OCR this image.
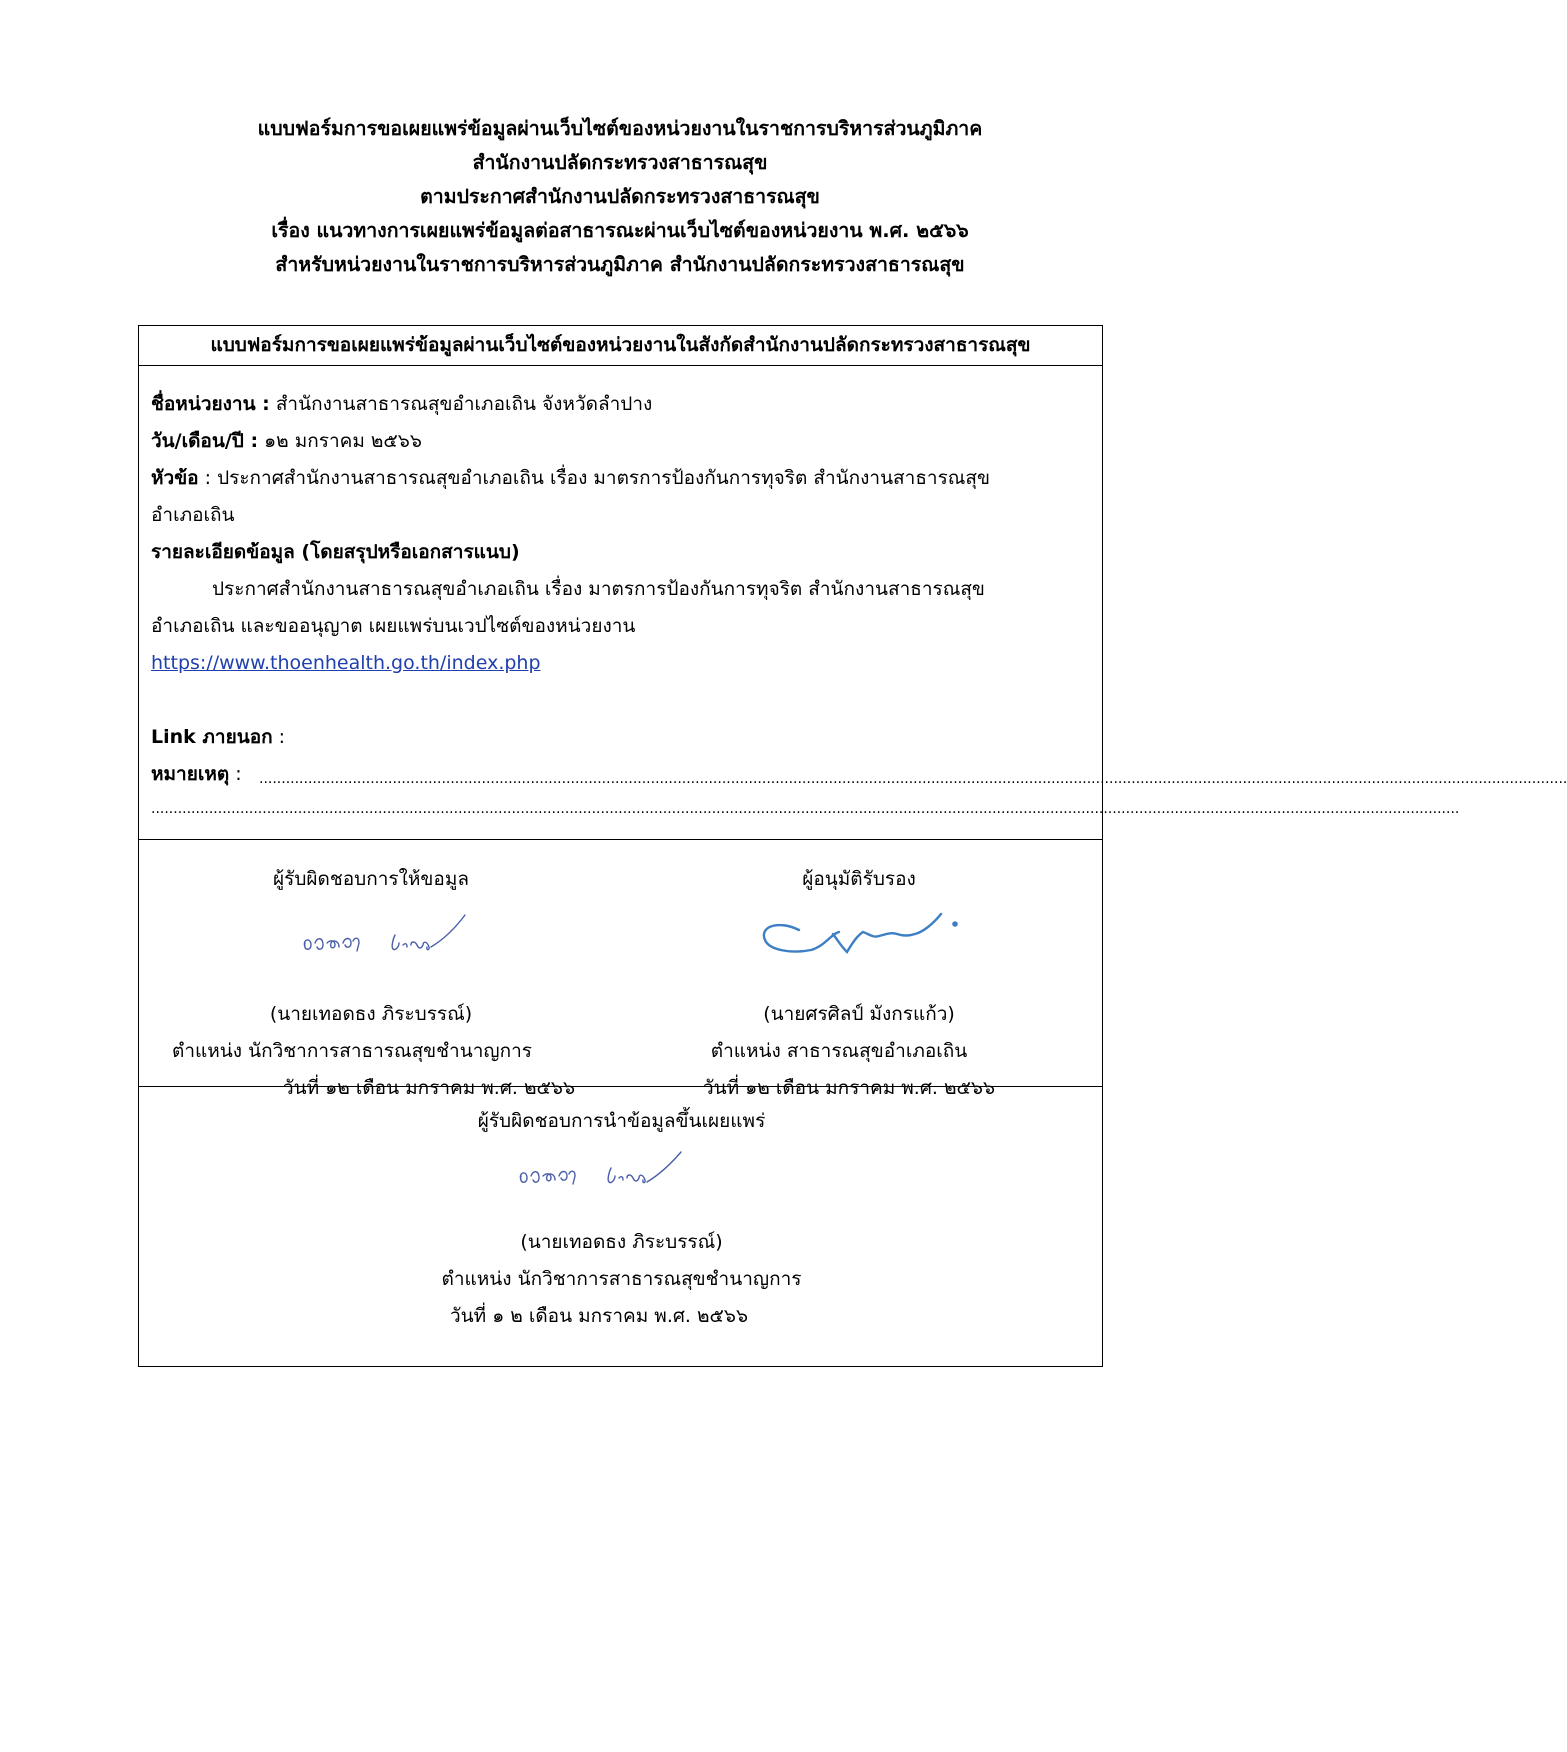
แบบฟอร์มการขอเผยแพร่ข้อมูลผ่านเว็บไซต์ของหน่วยงานในราชการบริหารส่วนภูมิภาค
สำนักงานปลัดกระทรวงสาธารณสุข
ตามประกาศสำนักงานปลัดกระทรวงสาธารณสุข
เรื่อง แนวทางการเผยแพร่ข้อมูลต่อสาธารณะผ่านเว็บไซต์ของหน่วยงาน พ.ศ. ๒๕๖๖
สำหรับหน่วยงานในราชการบริหารส่วนภูมิภาค สำนักงานปลัดกระทรวงสาธารณสุข
แบบฟอร์มการขอเผยแพร่ข้อมูลผ่านเว็บไซต์ของหน่วยงานในสังกัดสำนักงานปลัดกระทรวงสาธารณสุข
ชื่อหน่วยงาน : สำนักงานสาธารณสุขอำเภอเถิน จังหวัดลำปาง
วัน/เดือน/ปี : ๑๒ มกราคม ๒๕๖๖
หัวข้อ : ประกาศสำนักงานสาธารณสุขอำเภอเถิน เรื่อง มาตรการป้องกันการทุจริต สำนักงานสาธารณสุข
อำเภอเถิน
รายละเอียดข้อมูล (โดยสรุปหรือเอกสารแนบ)
ประกาศสำนักงานสาธารณสุขอำเภอเถิน เรื่อง มาตรการป้องกันการทุจริต สำนักงานสาธารณสุข
อำเภอเถิน และขออนุญาต เผยแพร่บนเวปไซต์ของหน่วยงาน
https://www.thoenhealth.go.th/index.php
Link ภายนอก :
หมายเหตุ : ......................................................................................................................................................................................................................................................................................................
......................................................................................................................................................................................................................................................................................................
ผู้รับผิดชอบการให้ขอมูล
(นายเทอดธง ภิระบรรณ์)
ตำแหน่ง นักวิชาการสาธารณสุขชำนาญการ
วันที่ ๑๒ เดือน มกราคม พ.ศ. ๒๕๖๖
ผู้อนุมัติรับรอง
(นายศรศิลป์ มังกรแก้ว)
ตำแหน่ง สาธารณสุขอำเภอเถิน
วันที่ ๑๒ เดือน มกราคม พ.ศ. ๒๕๖๖
ผู้รับผิดชอบการนำข้อมูลขึ้นเผยแพร่
(นายเทอดธง ภิระบรรณ์)
ตำแหน่ง นักวิชาการสาธารณสุขชำนาญการ
วันที่ ๑ ๒ เดือน มกราคม พ.ศ. ๒๕๖๖
